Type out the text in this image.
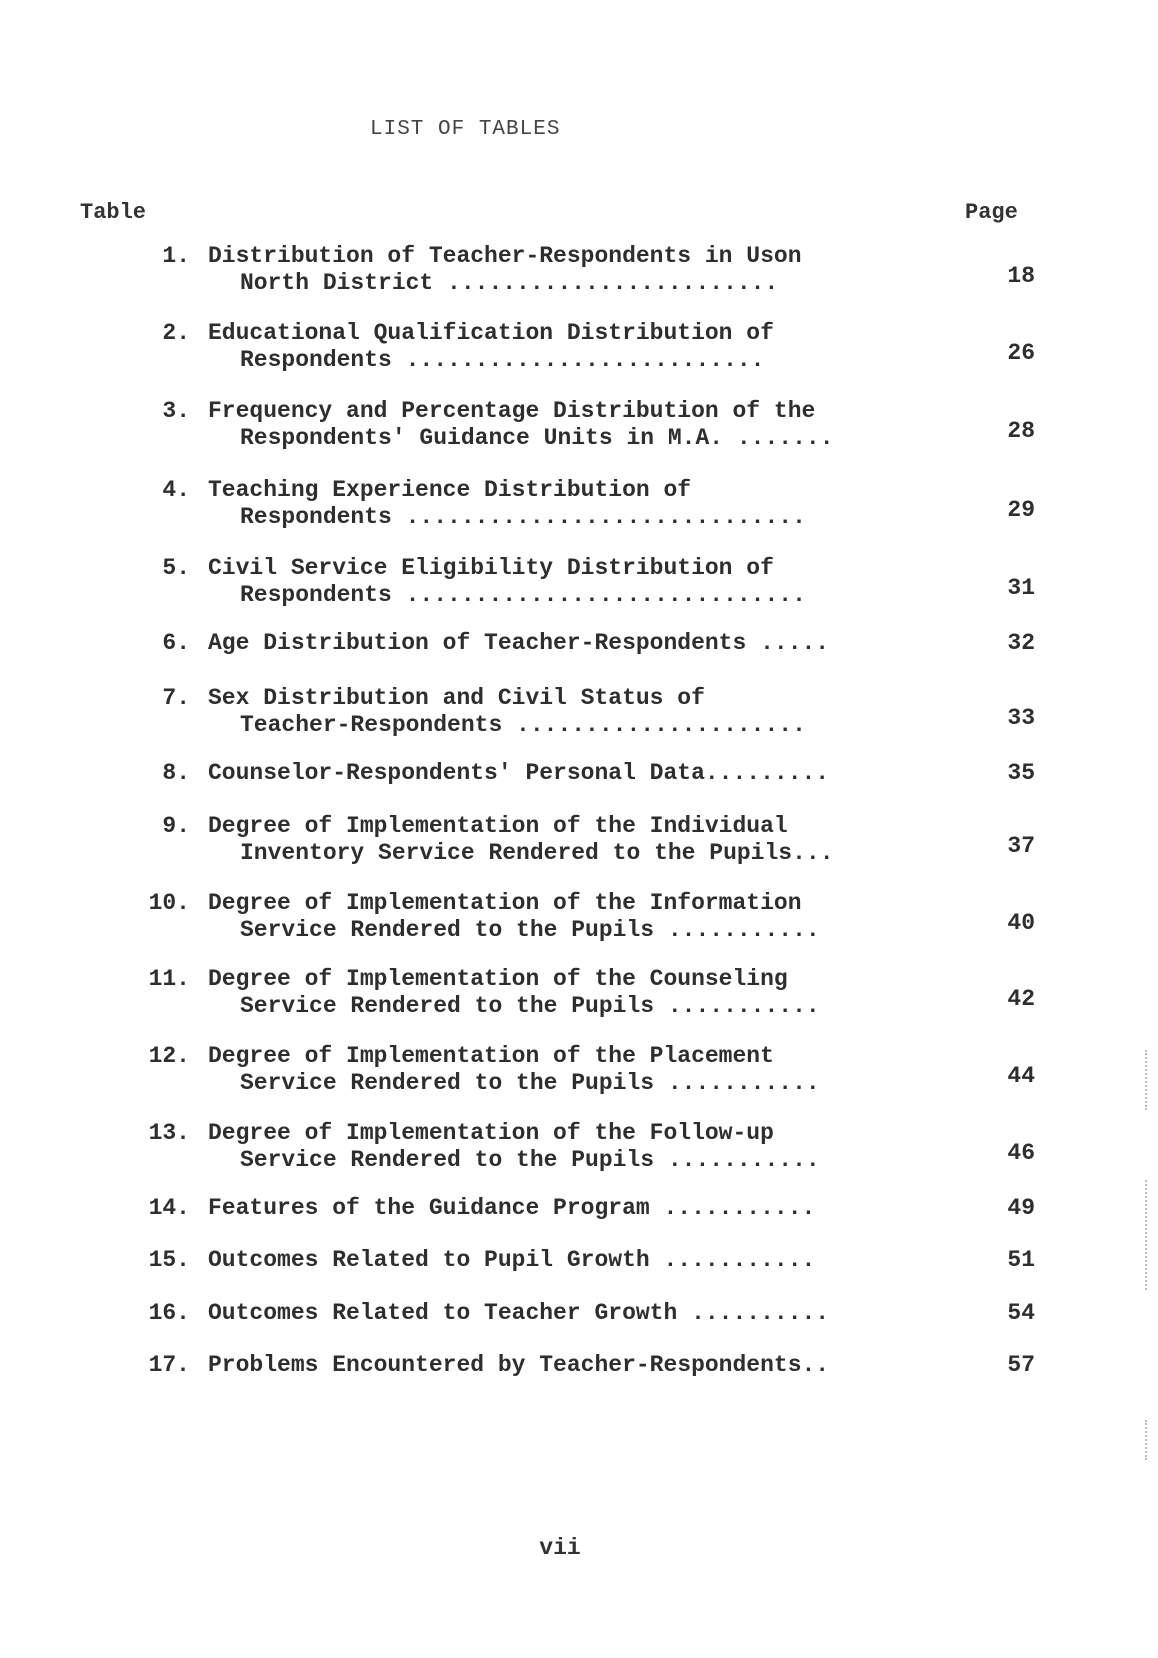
LIST OF TABLES
Table	Page
1. Distribution of Teacher-Respondents in Uson
North District ........................	18
2. Educational Qualification Distribution of
Respondents ..........................	26
3. Frequency and Percentage Distribution of the
Respondents' Guidance Units in M.A. .......	28
4. Teaching Experience Distribution of
Respondents .............................	29
5. Civil Service Eligibility Distribution of
Respondents .............................	31
6. Age Distribution of Teacher-Respondents .....	32
7. Sex Distribution and Civil Status of
Teacher-Respondents .....................	33
8. Counselor-Respondents' Personal Data.........	35
9. Degree of Implementation of the Individual
Inventory Service Rendered to the Pupils...	37
10. Degree of Implementation of the Information
Service Rendered to the Pupils ...........	40
11. Degree of Implementation of the Counseling
Service Rendered to the Pupils ...........	42
12. Degree of Implementation of the Placement
Service Rendered to the Pupils ...........	44
13. Degree of Implementation of the Follow-up
Service Rendered to the Pupils ...........	46
14. Features of the Guidance Program ...........	49
15. Outcomes Related to Pupil Growth ...........	51
16. Outcomes Related to Teacher Growth ..........	54
17. Problems Encountered by Teacher-Respondents..	57
vii
